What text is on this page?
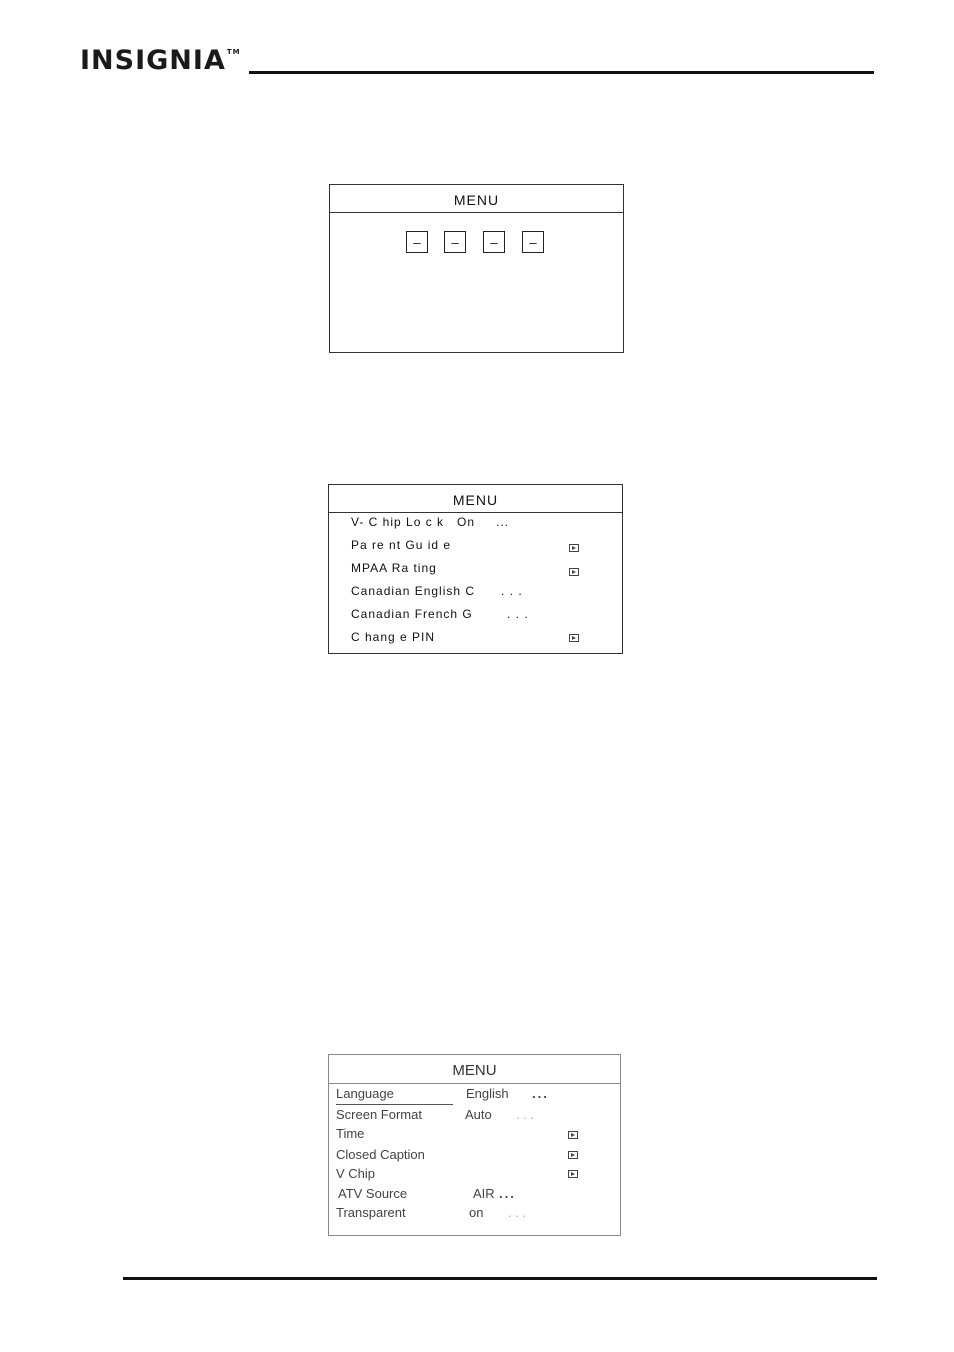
INSIGNIA™
MENU
–	–	–	–
MENU
V- C hip Lo c k On ...
Pa re nt Gu id e
MPAA Ra ting
Canadian English C . . .
Canadian French G	. . .
C hang e PIN
MENU
Language	English ...
Screen Format	Auto . . .
Time
Closed Caption
V Chip
ATV Source	AIR ...
Transparent	on . . .
